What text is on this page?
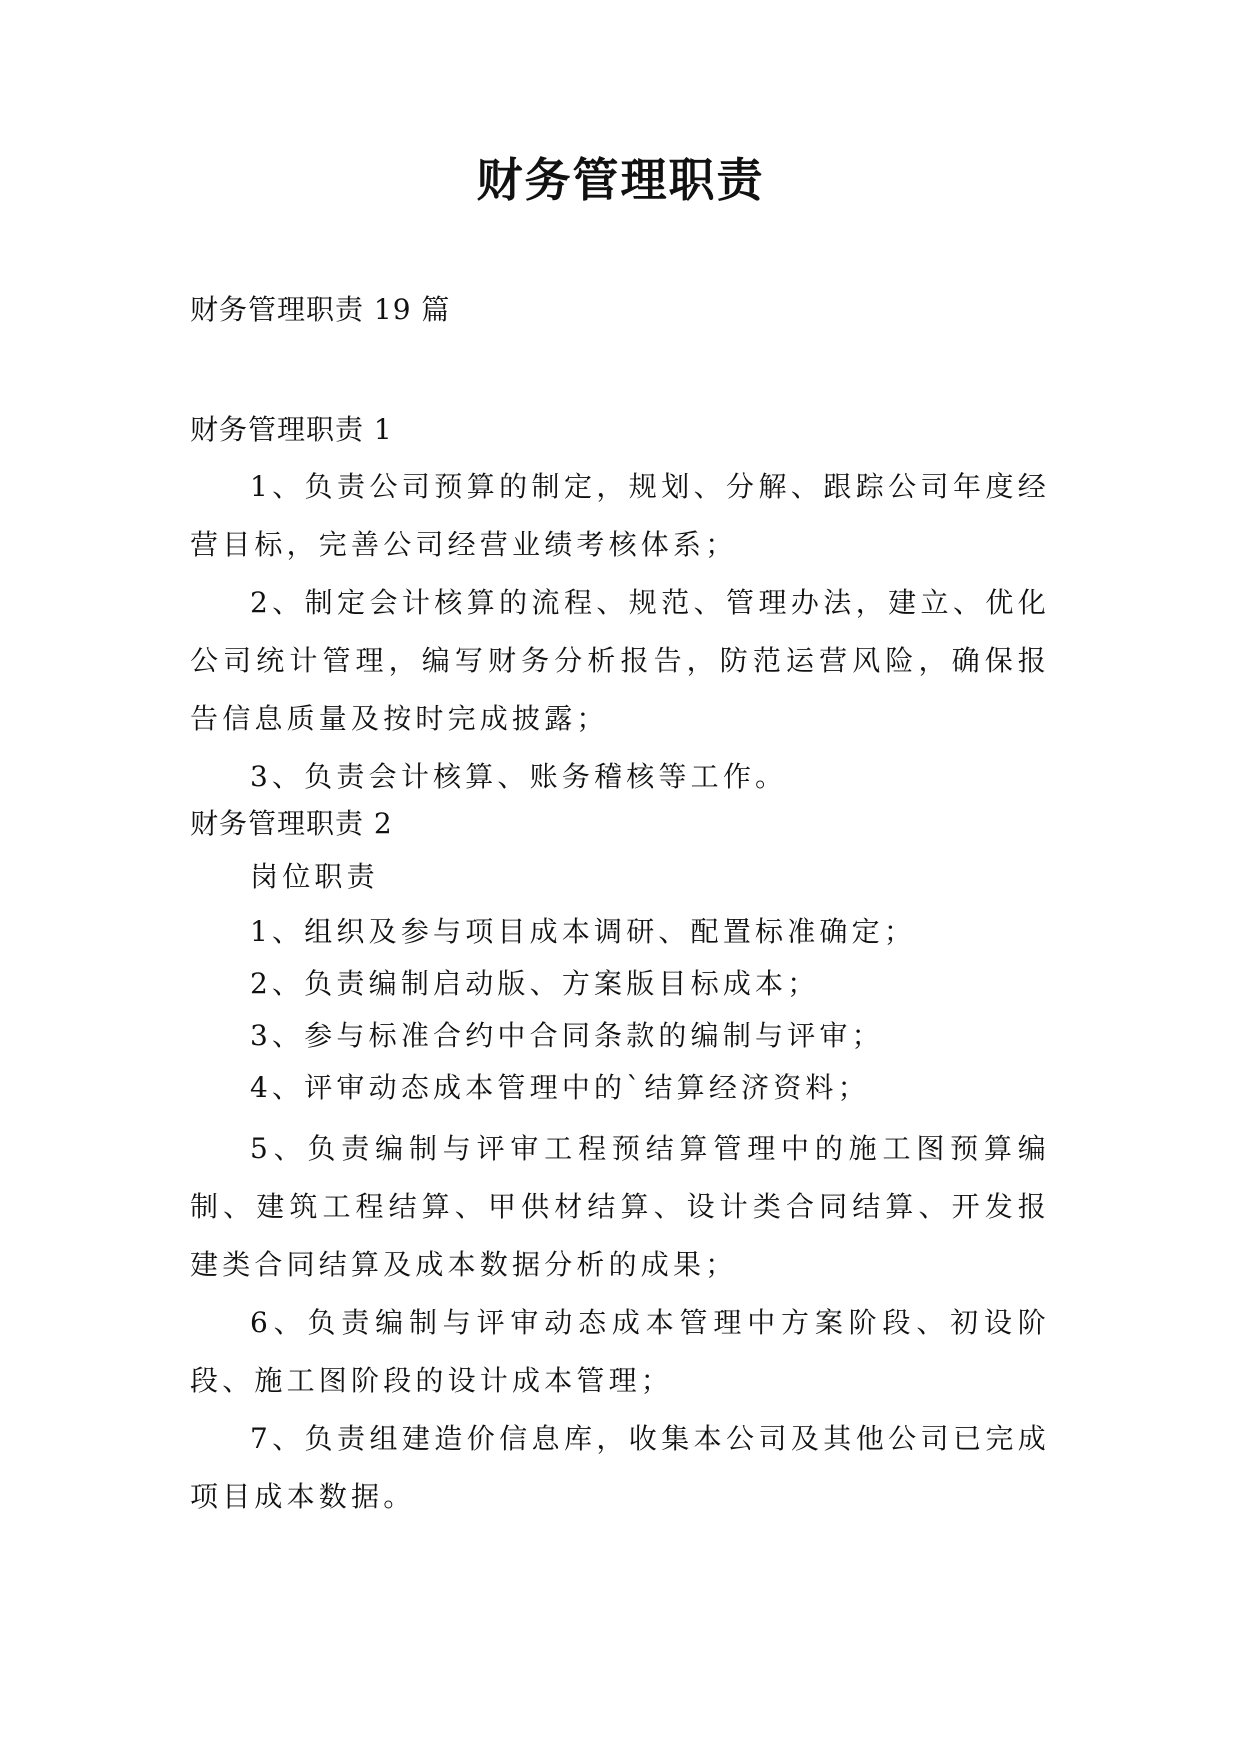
财务管理职责
财务管理职责 19 篇
财务管理职责 1

1、负责公司预算的制定，规划、分解、跟踪公司年度经营目标，完善公司经营业绩考核体系；

2、制定会计核算的流程、规范、管理办法，建立、优化公司统计管理，编写财务分析报告，防范运营风险，确保报告信息质量及按时完成披露；

3、负责会计核算、账务稽核等工作。

财务管理职责 2

岗位职责

1、组织及参与项目成本调研、配置标准确定；

2、负责编制启动版、方案版目标成本；

3、参与标准合约中合同条款的编制与评审；

4、评审动态成本管理中的`结算经济资料；

5、负责编制与评审工程预结算管理中的施工图预算编制、建筑工程结算、甲供材结算、设计类合同结算、开发报建类合同结算及成本数据分析的成果；

6、负责编制与评审动态成本管理中方案阶段、初设阶段、施工图阶段的设计成本管理；

7、负责组建造价信息库，收集本公司及其他公司已完成项目成本数据。
